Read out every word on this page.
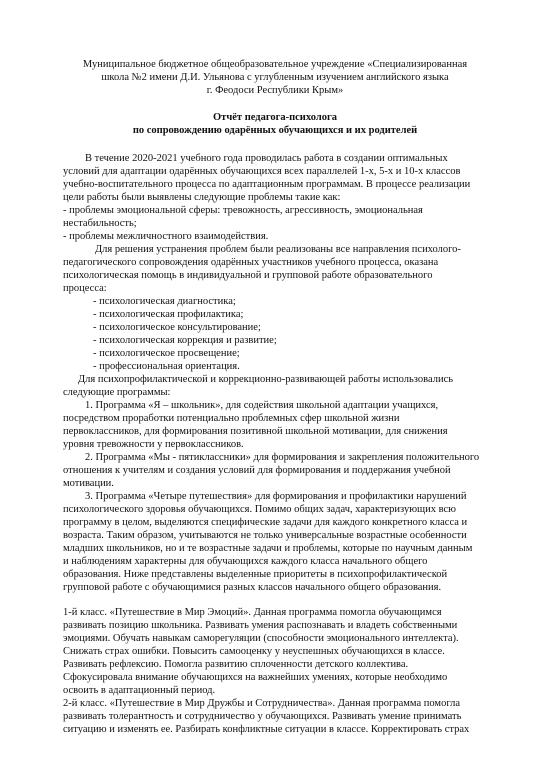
Муниципальное бюджетное общеобразовательное учреждение «Специализированная
школа №2 имени Д.И. Ульянова с углубленным изучением английского языка
г. Феодоси Республики Крым»
Отчёт педагога-психолога
по сопровождению одарённых обучающихся и их родителей
В течение 2020-2021 учебного года проводилась работа в создании оптимальных
условий для адаптации одарённых обучающихся всех параллелей 1-х, 5-х и 10-х классов
учебно-воспитательного процесса по адаптационным программам. В процессе реализации
цели работы были выявлены следующие проблемы такие как:
- проблемы эмоциональной сферы: тревожность, агрессивность, эмоциональная
нестабильность;
- проблемы межличностного взаимодействия.
Для решения устранения проблем были реализованы все направления психолого-
педагогического сопровождения одарённых участников учебного процесса, оказана
психологическая помощь в индивидуальной и групповой работе образовательного
процесса:
- психологическая диагностика;
- психологическая профилактика;
- психологическое консультирование;
- психологическая коррекция и развитие;
- психологическое просвещение;
- профессиональная ориентация.
Для психопрофилактической и коррекционно-развивающей работы использовались
следующие программы:
1. Программа «Я – школьник», для содействия школьной адаптации учащихся,
посредством проработки потенциально проблемных сфер школьной жизни
первоклассников, для формирования позитивной школьной мотивации, для снижения
уровня тревожности у первоклассников.
2. Программа «Мы - пятиклассники» для формирования и закрепления положительного
отношения к учителям и создания условий для формирования и поддержания учебной
мотивации.
3. Программа «Четыре путешествия» для формирования и профилактики нарушений
психологического здоровья обучающихся. Помимо общих задач, характеризующих всю
программу в целом, выделяются специфические задачи для каждого конкретного класса и
возраста. Таким образом, учитываются не только универсальные возрастные особенности
младших школьников, но и те возрастные задачи и проблемы, которые по научным данным
и наблюдениям характерны для обучающихся каждого класса начального общего
образования. Ниже представлены выделенные приоритеты в психопрофилактической
групповой работе с обучающимися разных классов начального общего образования.
1-й класс. «Путешествие в Мир Эмоций». Данная программа помогла обучающимся
развивать позицию школьника. Развивать умения распознавать и владеть собственными
эмоциями. Обучать навыкам саморегуляции (способности эмоционального интеллекта).
Снижать страх ошибки. Повысить самооценку у неуспешных обучающихся в классе.
Развивать рефлексию. Помогла развитию сплоченности детского коллектива.
Сфокусировала внимание обучающихся на важнейших умениях, которые необходимо
освоить в адаптационный период.
2-й класс. «Путешествие в Мир Дружбы и Сотрудничества». Данная программа помогла
развивать толерантность и сотрудничество у обучающихся. Развивать умение принимать
ситуацию и изменять ее. Разбирать конфликтные ситуации в классе. Корректировать страх
